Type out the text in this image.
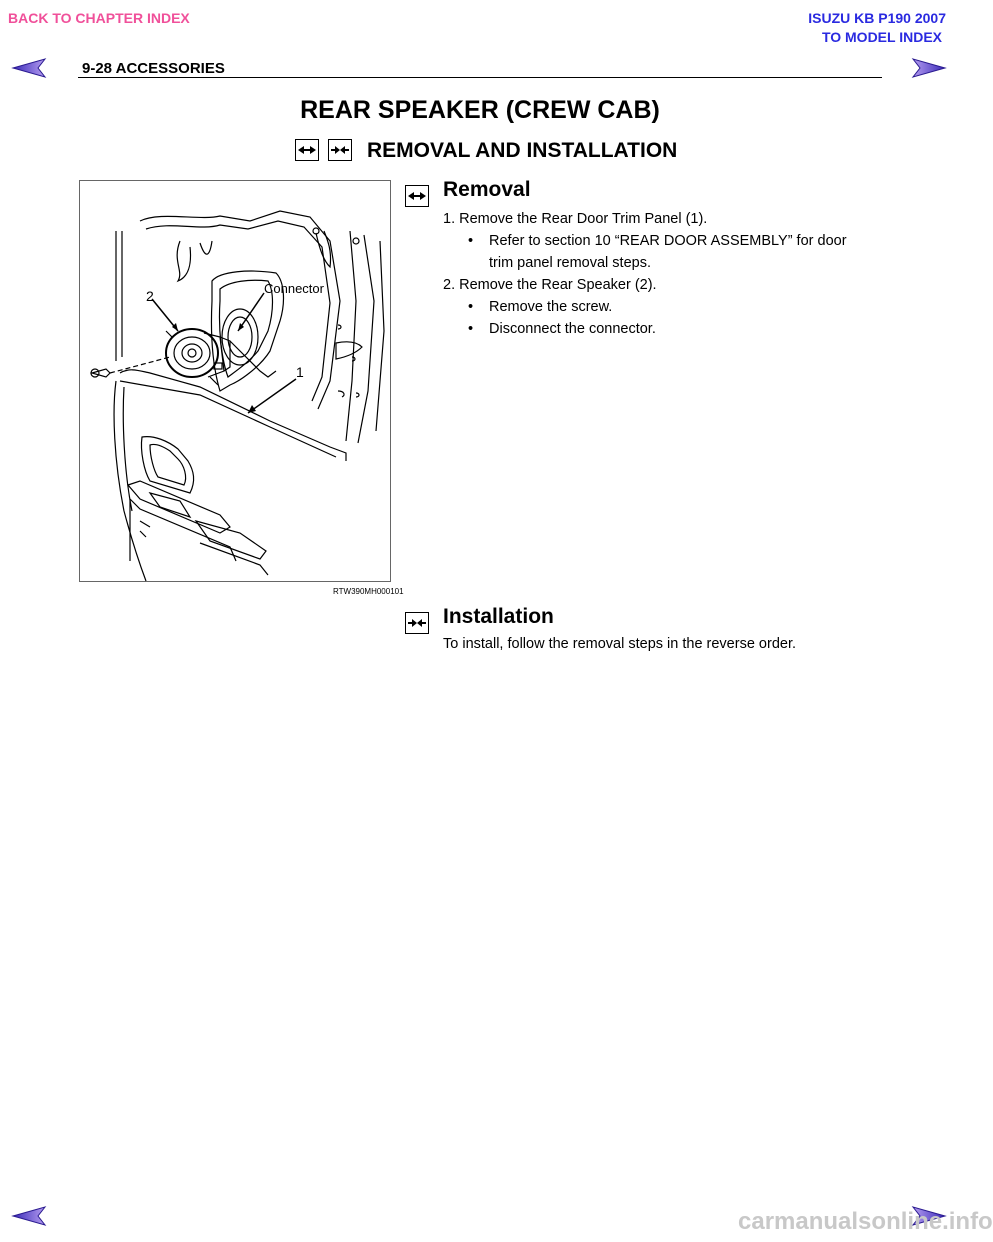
BACK TO CHAPTER INDEX	ISUZU KB P190 2007
TO MODEL INDEX
9-28 ACCESSORIES
REAR SPEAKER (CREW CAB)
REMOVAL AND INSTALLATION
Connector
2
1
RTW390MH000101
Removal
1. Remove the Rear Door Trim Panel (1).
• Refer to section 10 “REAR DOOR ASSEMBLY” for door
trim panel removal steps.
2. Remove the Rear Speaker (2).
• Remove the screw.
• Disconnect the connector.
Installation
To install, follow the removal steps in the reverse order.
carmanualsonline.info
